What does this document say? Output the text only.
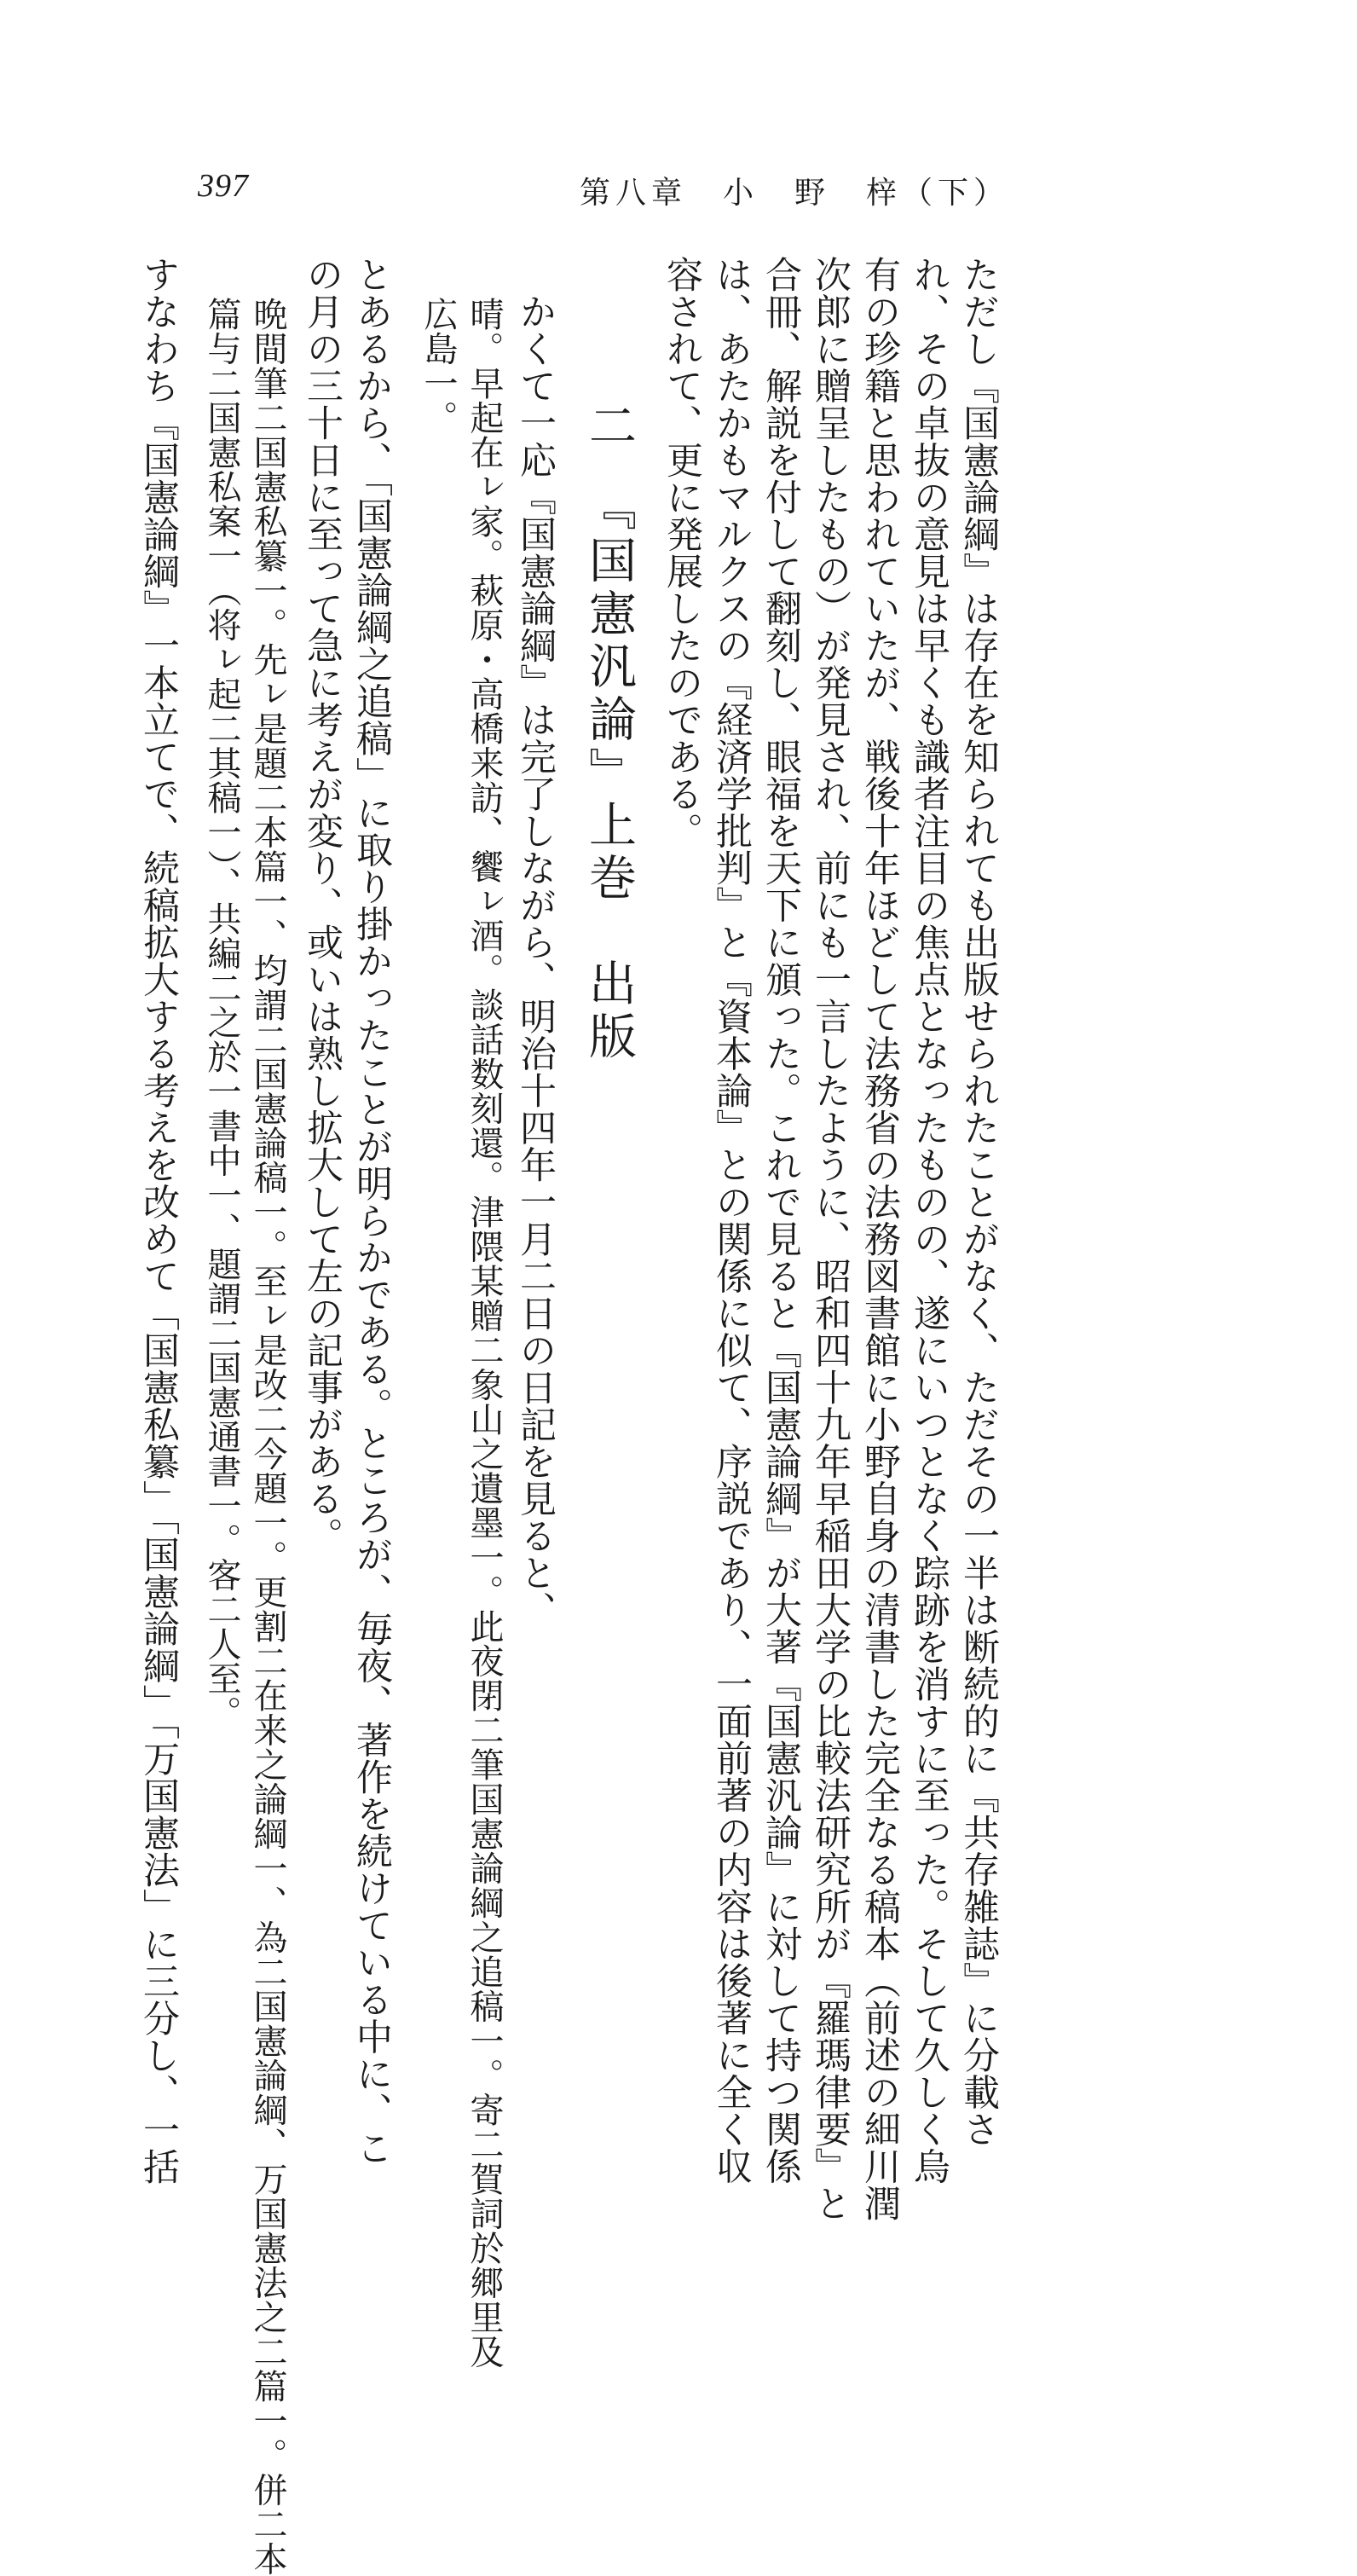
397	第八章　小　野　梓（下）
ただし『国憲論綱』は存在を知られても出版せられたことがなく、ただその一半は断続的に『共存雑誌』に分載さ
れ、その卓抜の意見は早くも識者注目の焦点となったものの、遂にいつとなく踪跡を消すに至った。そして久しく烏
有の珍籍と思われていたが、戦後十年ほどして法務省の法務図書館に小野自身の清書した完全なる稿本（前述の細川潤
次郎に贈呈したもの）が発見され、前にも一言したように、昭和四十九年早稲田大学の比較法研究所が『羅瑪律要』と
合冊、解説を付して翻刻し、眼福を天下に頒った。これで見ると『国憲論綱』が大著『国憲汎論』に対して持つ関係
は、あたかもマルクスの『経済学批判』と『資本論』との関係に似て、序説であり、一面前著の内容は後著に全く収
容されて、更に発展したのである。
二　『国憲汎論』上巻　出版
　かくて一応『国憲論綱』は完了しながら、明治十四年一月二日の日記を見ると、
晴。早起在ㇾ家。萩原・高橋来訪、饗ㇾ酒。談話数刻還。津隈某贈二象山之遺墨一。此夜閉二筆国憲論綱之追稿一。寄二賀詞於郷里及
広島一。
とあるから、「国憲論綱之追稿」に取り掛かったことが明らかである。ところが、毎夜、著作を続けている中に、こ
の月の三十日に至って急に考えが変り、或いは熟し拡大して左の記事がある。
晩間筆二国憲私纂一。先ㇾ是題二本篇一、均謂二国憲論稿一。至ㇾ是改二今題一。更割二在来之論綱一、為二国憲論綱、万国憲法之二篇一。併二本
篇与二国憲私案一（将ㇾ起二其稿一）、共編二之於一書中一、題謂二国憲通書一。客二人至。
すなわち『国憲論綱』一本立てで、続稿拡大する考えを改めて「国憲私纂」「国憲論綱」「万国憲法」に三分し、一括
